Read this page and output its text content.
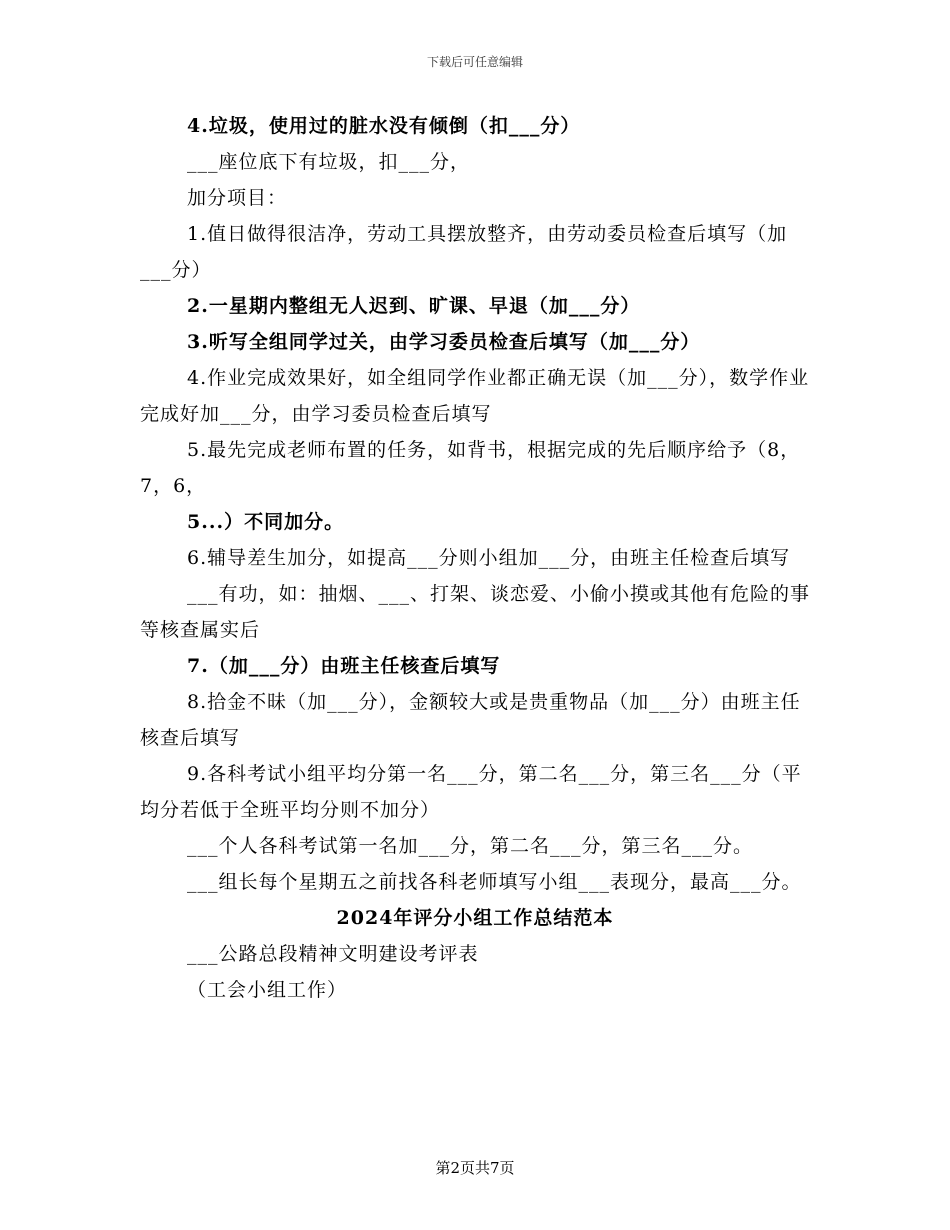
下载后可任意编辑

4.垃圾，使用过的脏水没有倾倒（扣___分）

___座位底下有垃圾，扣___分，

加分项目：

1.值日做得很洁净，劳动工具摆放整齐，由劳动委员检查后填写（加___分）

2.一星期内整组无人迟到、旷课、早退（加___分）

3.听写全组同学过关，由学习委员检查后填写（加___分）

4.作业完成效果好，如全组同学作业都正确无误（加___分），数学作业完成好加___分，由学习委员检查后填写

5.最先完成老师布置的任务，如背书，根据完成的先后顺序给予（8，7，6，

5...）不同加分。

6.辅导差生加分，如提高___分则小组加___分，由班主任检查后填写

___有功，如：抽烟、___、打架、谈恋爱、小偷小摸或其他有危险的事等核查属实后

7.（加___分）由班主任核查后填写

8.拾金不昧（加___分），金额较大或是贵重物品（加___分）由班主任核查后填写

9.各科考试小组平均分第一名___分，第二名___分，第三名___分（平均分若低于全班平均分则不加分）

___个人各科考试第一名加___分，第二名___分，第三名___分。

___组长每个星期五之前找各科老师填写小组___表现分，最高___分。

2024年评分小组工作总结范本

___公路总段精神文明建设考评表

（工会小组工作）

第2页共7页
